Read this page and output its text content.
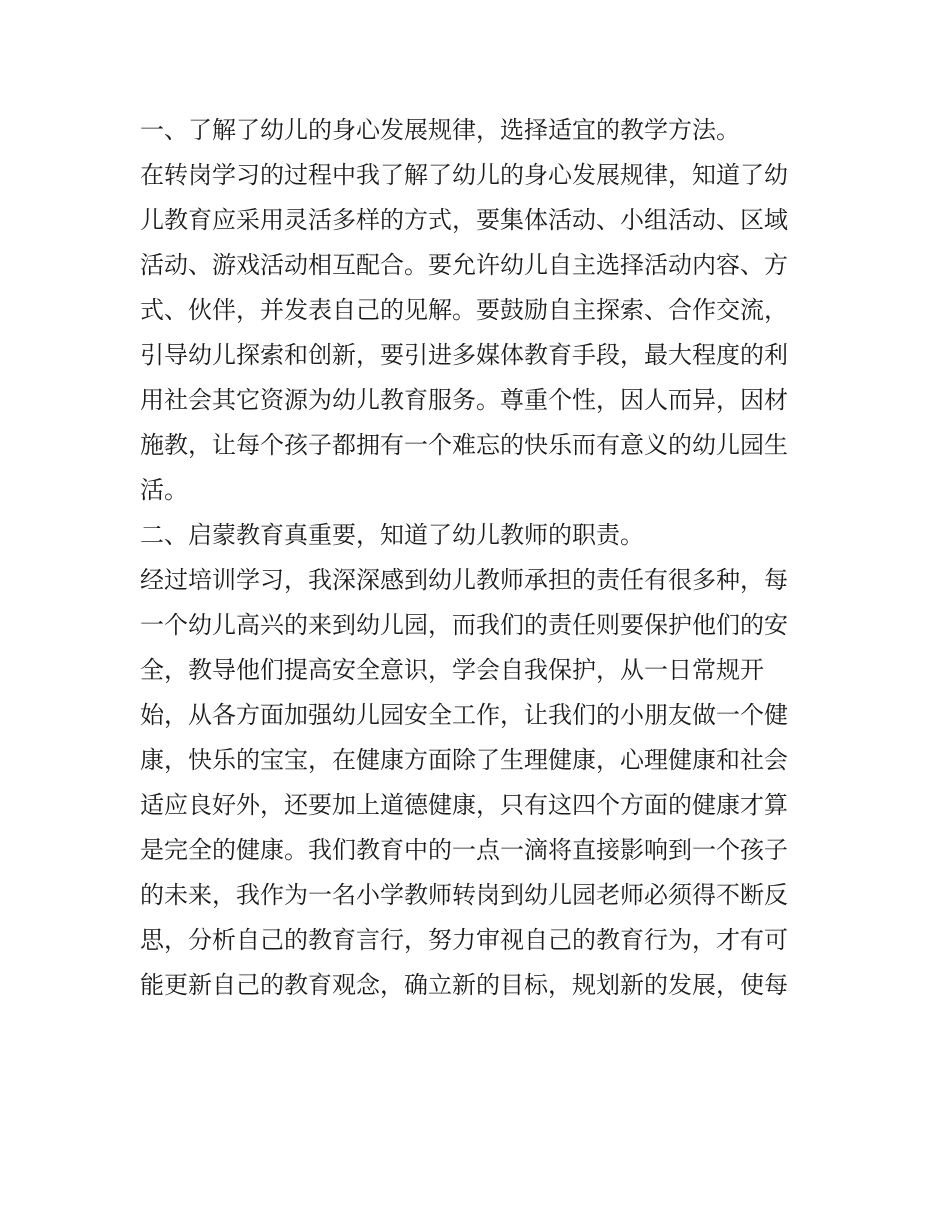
一、了解了幼儿的身心发展规律，选择适宜的教学方法。
在转岗学习的过程中我了解了幼儿的身心发展规律，知道了幼
儿教育应采用灵活多样的方式，要集体活动、小组活动、区域
活动、游戏活动相互配合。要允许幼儿自主选择活动内容、方
式、伙伴，并发表自己的见解。要鼓励自主探索、合作交流，
引导幼儿探索和创新，要引进多媒体教育手段，最大程度的利
用社会其它资源为幼儿教育服务。尊重个性，因人而异，因材
施教，让每个孩子都拥有一个难忘的快乐而有意义的幼儿园生
活。
二、启蒙教育真重要，知道了幼儿教师的职责。
经过培训学习，我深深感到幼儿教师承担的责任有很多种，每
一个幼儿高兴的来到幼儿园，而我们的责任则要保护他们的安
全，教导他们提高安全意识，学会自我保护，从一日常规开
始，从各方面加强幼儿园安全工作，让我们的小朋友做一个健
康，快乐的宝宝，在健康方面除了生理健康，心理健康和社会
适应良好外，还要加上道德健康，只有这四个方面的健康才算
是完全的健康。我们教育中的一点一滴将直接影响到一个孩子
的未来，我作为一名小学教师转岗到幼儿园老师必须得不断反
思，分析自己的教育言行，努力审视自己的教育行为，才有可
能更新自己的教育观念，确立新的目标，规划新的发展，使每
